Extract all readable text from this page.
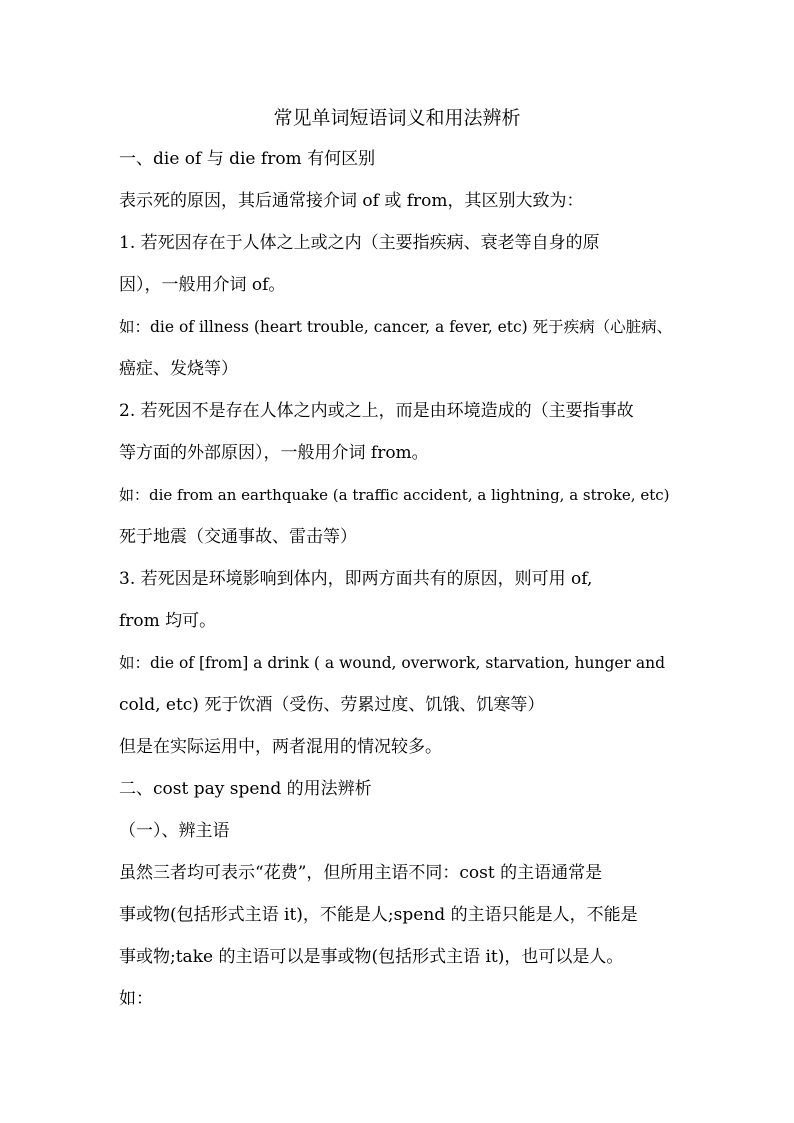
常见单词短语词义和用法辨析
一、die of 与 die from 有何区别
表示死的原因，其后通常接介词 of 或 from，其区别大致为：
1. 若死因存在于人体之上或之内（主要指疾病、衰老等自身的原
因），一般用介词 of。
如：die of illness (heart trouble, cancer, a fever, etc) 死于疾病（心脏病、
癌症、发烧等）
2. 若死因不是存在人体之内或之上，而是由环境造成的（主要指事故
等方面的外部原因），一般用介词 from。
如：die from an earthquake (a traffic accident, a lightning, a stroke, etc)
死于地震（交通事故、雷击等）
3. 若死因是环境影响到体内，即两方面共有的原因，则可用 of,
from 均可。
如：die of [from] a drink ( a wound, overwork, starvation, hunger and
cold, etc) 死于饮酒（受伤、劳累过度、饥饿、饥寒等）
但是在实际运用中，两者混用的情况较多。
二、cost pay spend 的用法辨析
（一）、辨主语
虽然三者均可表示“花费”，但所用主语不同：cost 的主语通常是
事或物(包括形式主语 it)，不能是人;spend 的主语只能是人，不能是
事或物;take 的主语可以是事或物(包括形式主语 it)，也可以是人。
如：
